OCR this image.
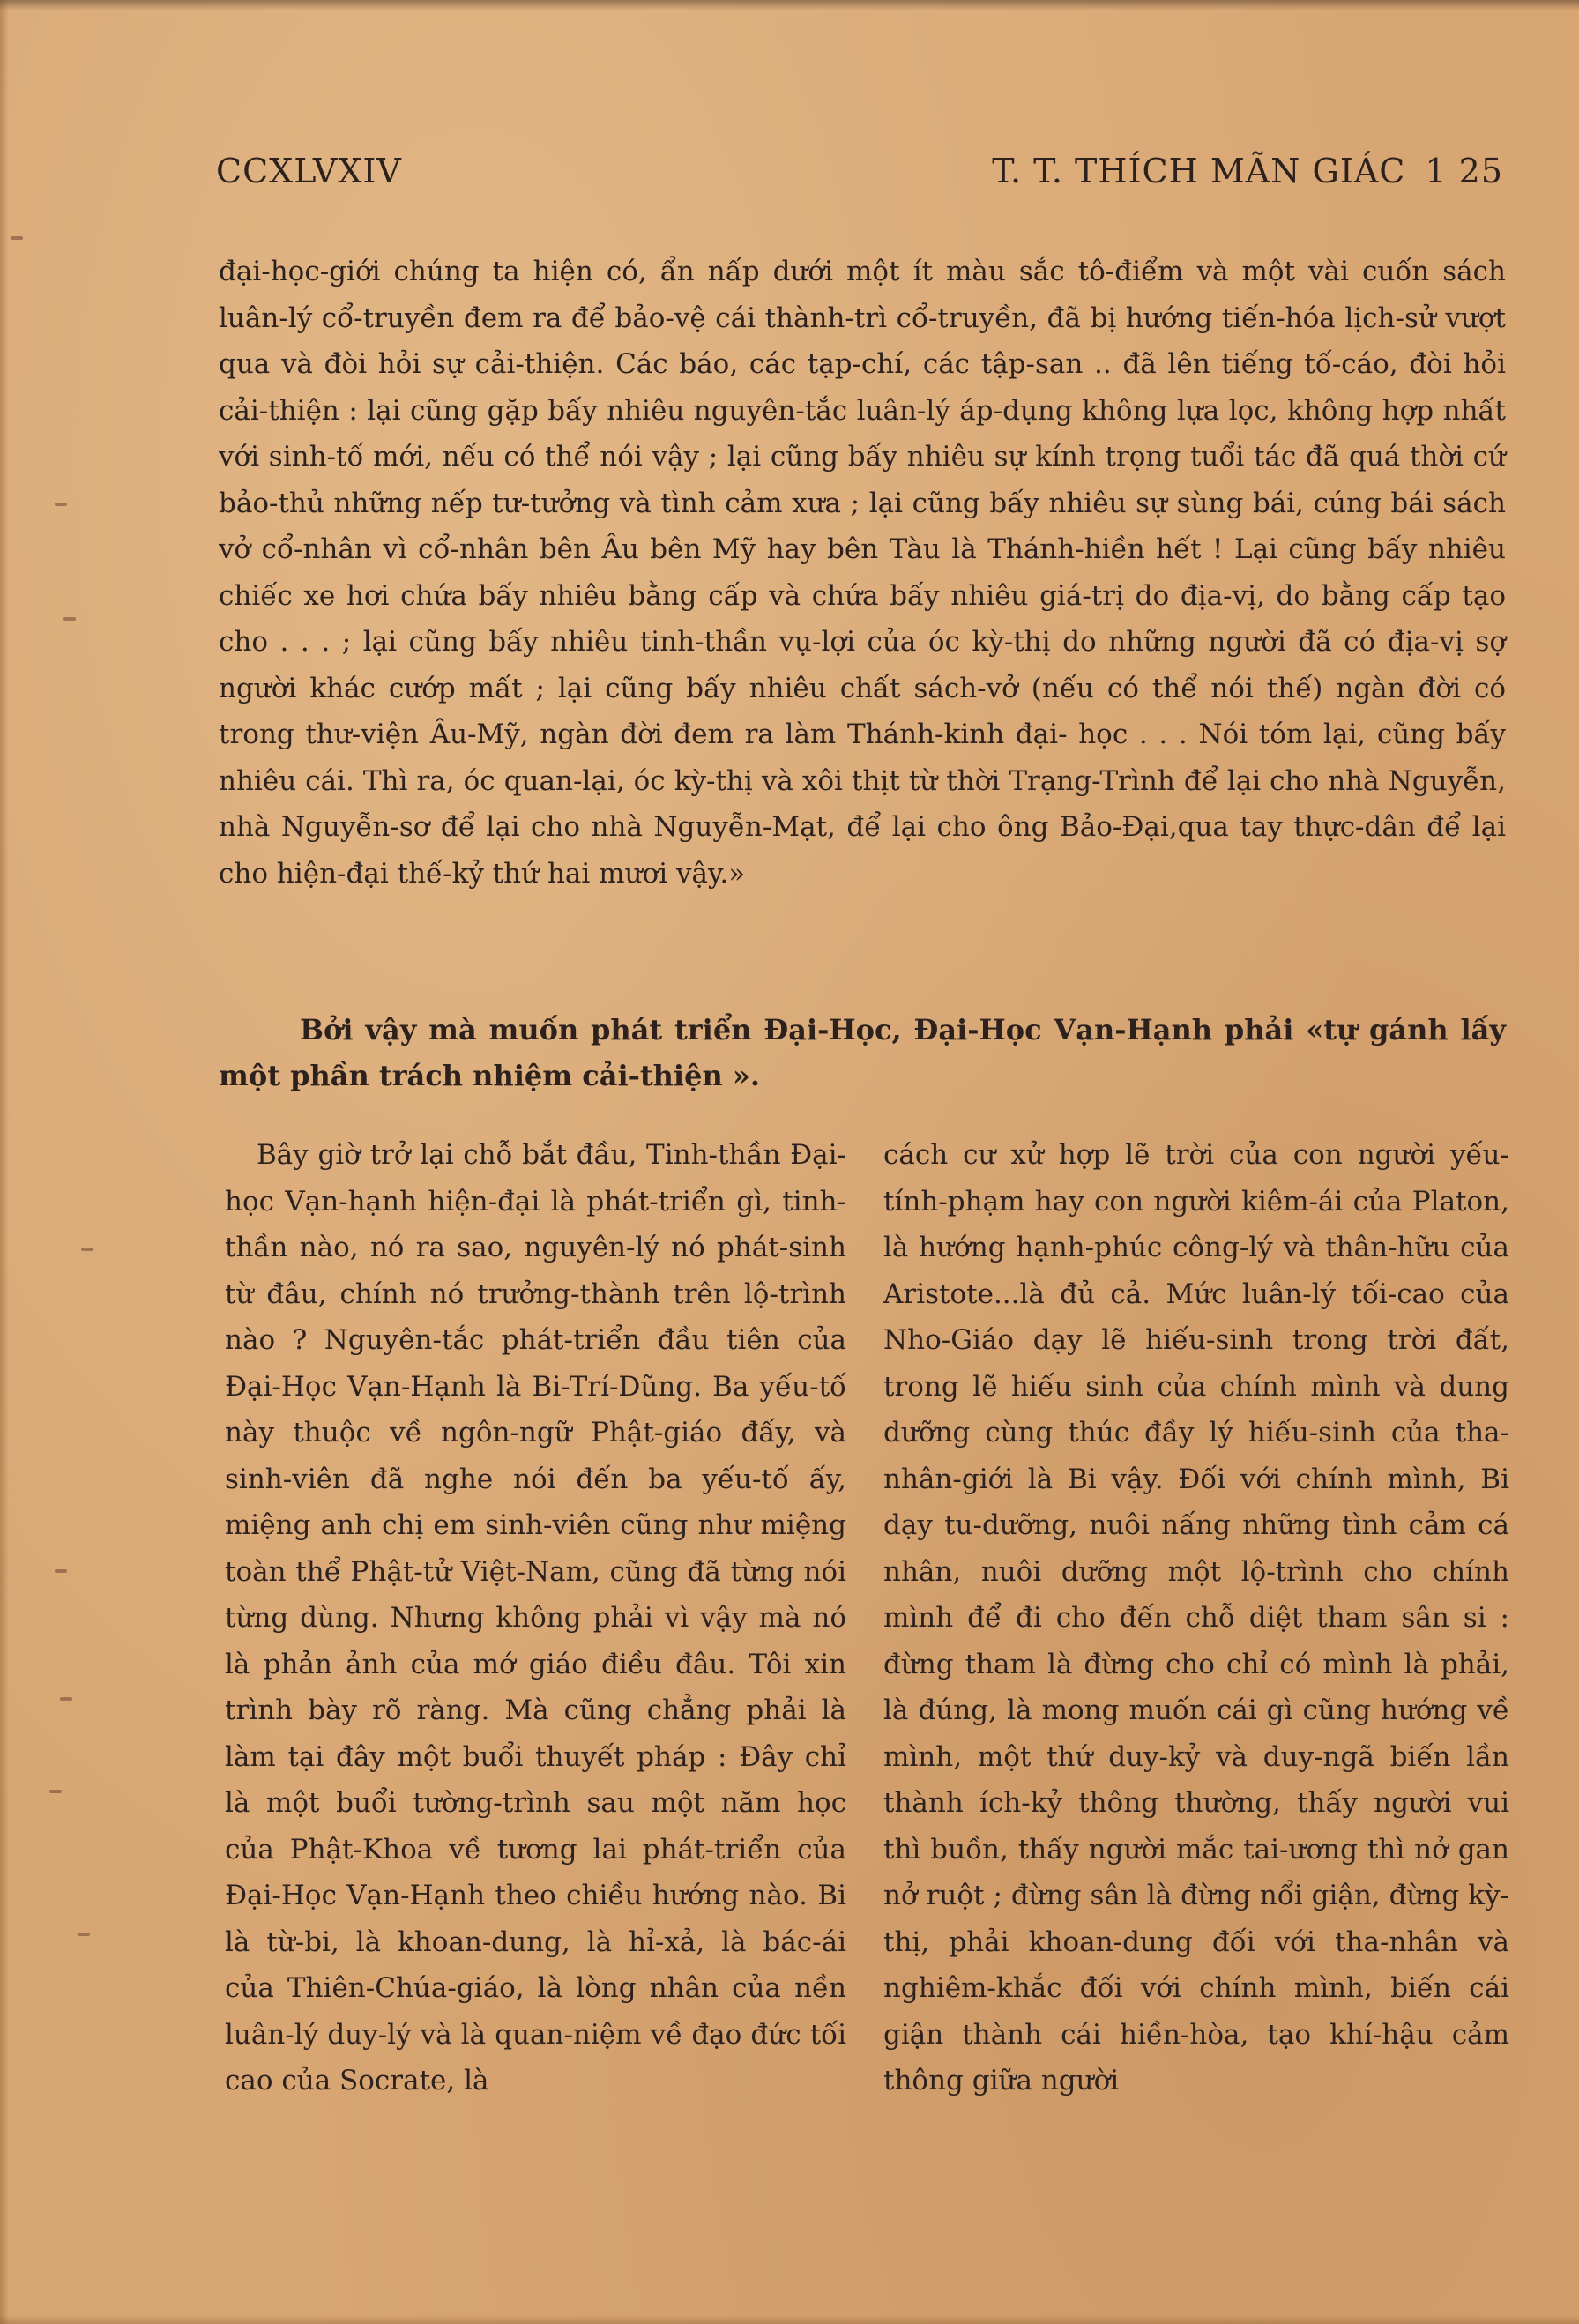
CCXLVXIV	T. T. THÍCH MÃN GIÁC 1 25

đại-học-giới chúng ta hiện có, ẩn nấp dưới một ít màu sắc tô-điểm và một vài cuốn sách luân-lý cổ-truyền đem ra để bảo-vệ cái thành-trì cổ-truyền, đã bị hướng tiến-hóa lịch-sử vượt qua và đòi hỏi sự cải-thiện. Các báo, các tạp-chí, các tập-san .. đã lên tiếng tố-cáo, đòi hỏi cải-thiện : lại cũng gặp bấy nhiêu nguyên-tắc luân-lý áp-dụng không lựa lọc, không hợp nhất với sinh-tố mới, nếu có thể nói vậy ; lại cũng bấy nhiêu sự kính trọng tuổi tác đã quá thời cứ bảo-thủ những nếp tư-tưởng và tình cảm xưa ; lại cũng bấy nhiêu sự sùng bái, cúng bái sách vở cổ-nhân vì cổ-nhân bên Âu bên Mỹ hay bên Tàu là Thánh-hiền hết ! Lại cũng bấy nhiêu chiếc xe hơi chứa bấy nhiêu bằng cấp và chứa bấy nhiêu giá-trị do địa-vị, do bằng cấp tạo cho . . . ; lại cũng bấy nhiêu tinh-thần vụ-lợi của óc kỳ-thị do những người đã có địa-vị sợ người khác cướp mất ; lại cũng bấy nhiêu chất sách-vở (nếu có thể nói thế) ngàn đời có trong thư-viện Âu-Mỹ, ngàn đời đem ra làm Thánh-kinh đại- học . . . Nói tóm lại, cũng bấy nhiêu cái. Thì ra, óc quan-lại, óc kỳ-thị và xôi thịt từ thời Trạng-Trình để lại cho nhà Nguyễn, nhà Nguyễn-sơ để lại cho nhà Nguyễn-Mạt, để lại cho ông Bảo-Đại,qua tay thực-dân để lại cho hiện-đại thế-kỷ thứ hai mươi vậy.»

Bởi vậy mà muốn phát triển Đại-Học, Đại-Học Vạn-Hạnh phải «tự gánh lấy một phần trách nhiệm cải-thiện ».

Bây giờ trở lại chỗ bắt đầu, Tinh-thần Đại-học Vạn-hạnh hiện-đại là phát-triển gì, tinh-thần nào, nó ra sao, nguyên-lý nó phát-sinh từ đâu, chính nó trưởng-thành trên lộ-trình nào ? Nguyên-tắc phát-triển đầu tiên của Đại-Học Vạn-Hạnh là Bi-Trí-Dũng. Ba yếu-tố này thuộc về ngôn-ngữ Phật-giáo đấy, và sinh-viên đã nghe nói đến ba yếu-tố ấy, miệng anh chị em sinh-viên cũng như miệng toàn thể Phật-tử Việt-Nam, cũng đã từng nói từng dùng. Nhưng không phải vì vậy mà nó là phản ảnh của mớ giáo điều đâu. Tôi xin trình bày rõ ràng. Mà cũng chẳng phải là làm tại đây một buổi thuyết pháp : Đây chỉ là một buổi tường-trình sau một năm học của Phật-Khoa về tương lai phát-triển của Đại-Học Vạn-Hạnh theo chiều hướng nào. Bi là từ-bi, là khoan-dung, là hỉ-xả, là bác-ái của Thiên-Chúa-giáo, là lòng nhân của nền luân-lý duy-lý và là quan-niệm về đạo đức tối cao của Socrate, là

cách cư xử hợp lẽ trời của con người yếu-tính-phạm hay con người kiêm-ái của Platon, là hướng hạnh-phúc công-lý và thân-hữu của Aristote...là đủ cả. Mức luân-lý tối-cao của Nho-Giáo dạy lẽ hiếu-sinh trong trời đất, trong lẽ hiếu sinh của chính mình và dung dưỡng cùng thúc đầy lý hiếu-sinh của tha-nhân-giới là Bi vậy. Đối với chính mình, Bi dạy tu-dưỡng, nuôi nấng những tình cảm cá nhân, nuôi dưỡng một lộ-trình cho chính mình để đi cho đến chỗ diệt tham sân si : đừng tham là đừng cho chỉ có mình là phải, là đúng, là mong muốn cái gì cũng hướng về mình, một thứ duy-kỷ và duy-ngã biến lần thành ích-kỷ thông thường, thấy người vui thì buồn, thấy người mắc tai-ương thì nở gan nở ruột ; đừng sân là đừng nổi giận, đừng kỳ-thị, phải khoan-dung đối với tha-nhân và nghiêm-khắc đối với chính mình, biến cái giận thành cái hiền-hòa, tạo khí-hậu cảm thông giữa người
